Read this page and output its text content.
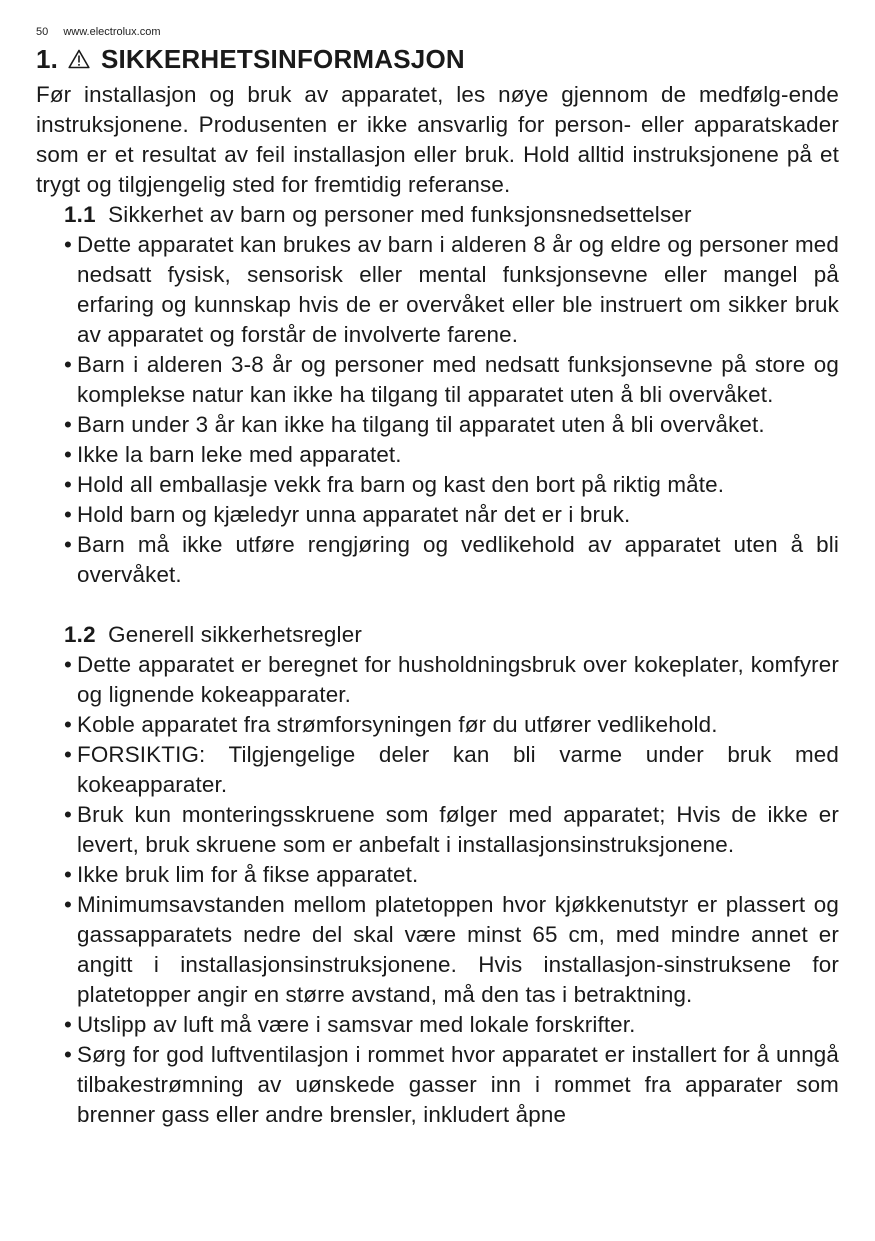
50 www.electrolux.com
1. SIKKERHETSINFORMASJON

Før installasjon og bruk av apparatet, les nøye gjennom de medfølg-ende instruksjonene. Produsenten er ikke ansvarlig for person- eller apparatskader som er et resultat av feil installasjon eller bruk. Hold alltid instruksjonene på et trygt og tilgjengelig sted for fremtidig referanse.

1.1 Sikkerhet av barn og personer med funksjonsnedsettelser
• Dette apparatet kan brukes av barn i alderen 8 år og eldre og personer med nedsatt fysisk, sensorisk eller mental funksjonsevne eller mangel på erfaring og kunnskap hvis de er overvåket eller ble instruert om sikker bruk av apparatet og forstår de involverte farene.
• Barn i alderen 3-8 år og personer med nedsatt funksjonsevne på store og komplekse natur kan ikke ha tilgang til apparatet uten å bli overvåket.
• Barn under 3 år kan ikke ha tilgang til apparatet uten å bli overvåket.
• Ikke la barn leke med apparatet.
• Hold all emballasje vekk fra barn og kast den bort på riktig måte.
• Hold barn og kjæledyr unna apparatet når det er i bruk.
• Barn må ikke utføre rengjøring og vedlikehold av apparatet uten å bli overvåket.
1.2 Generell sikkerhetsregler
• Dette apparatet er beregnet for husholdningsbruk over kokeplater, komfyrer og lignende kokeapparater.
• Koble apparatet fra strømforsyningen før du utfører vedlikehold.
• FORSIKTIG: Tilgjengelige deler kan bli varme under bruk med kokeapparater.
• Bruk kun monteringsskruene som følger med apparatet; Hvis de ikke er levert, bruk skruene som er anbefalt i installasjonsinstruksjonene.
• Ikke bruk lim for å fikse apparatet.
• Minimumsavstanden mellom platetoppen hvor kjøkkenutstyr er plassert og gassapparatets nedre del skal være minst 65 cm, med mindre annet er angitt i installasjonsinstruksjonene. Hvis installasjon-sinstruksene for platetopper angir en større avstand, må den tas i betraktning.
• Utslipp av luft må være i samsvar med lokale forskrifter.
• Sørg for god luftventilasjon i rommet hvor apparatet er installert for å unngå tilbakestrømning av uønskede gasser inn i rommet fra apparater som brenner gass eller andre brensler, inkludert åpne
